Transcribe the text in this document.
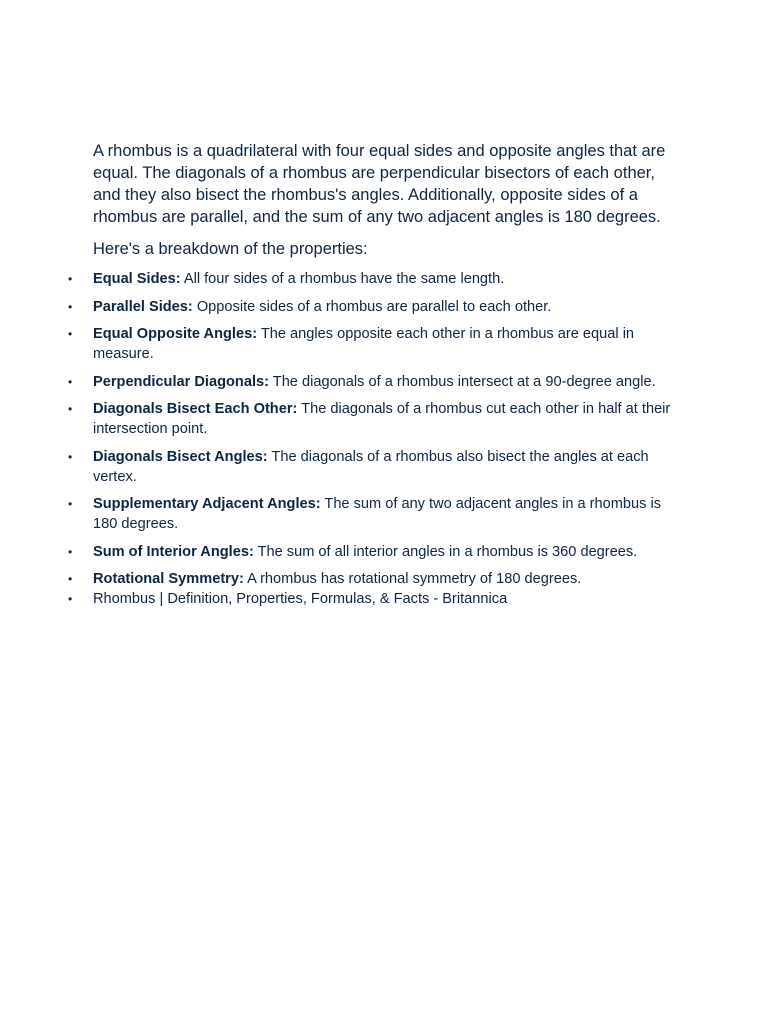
A rhombus is a quadrilateral with four equal sides and opposite angles that are equal. The diagonals of a rhombus are perpendicular bisectors of each other, and they also bisect the rhombus's angles. Additionally, opposite sides of a rhombus are parallel, and the sum of any two adjacent angles is 180 degrees.

Here's a breakdown of the properties:

• Equal Sides: All four sides of a rhombus have the same length.
• Parallel Sides: Opposite sides of a rhombus are parallel to each other.
• Equal Opposite Angles: The angles opposite each other in a rhombus are equal in measure.
• Perpendicular Diagonals: The diagonals of a rhombus intersect at a 90-degree angle.
• Diagonals Bisect Each Other: The diagonals of a rhombus cut each other in half at their intersection point.
• Diagonals Bisect Angles: The diagonals of a rhombus also bisect the angles at each vertex.
• Supplementary Adjacent Angles: The sum of any two adjacent angles in a rhombus is 180 degrees.
• Sum of Interior Angles: The sum of all interior angles in a rhombus is 360 degrees.
• Rotational Symmetry: A rhombus has rotational symmetry of 180 degrees.
• Rhombus | Definition, Properties, Formulas, & Facts - Britannica
